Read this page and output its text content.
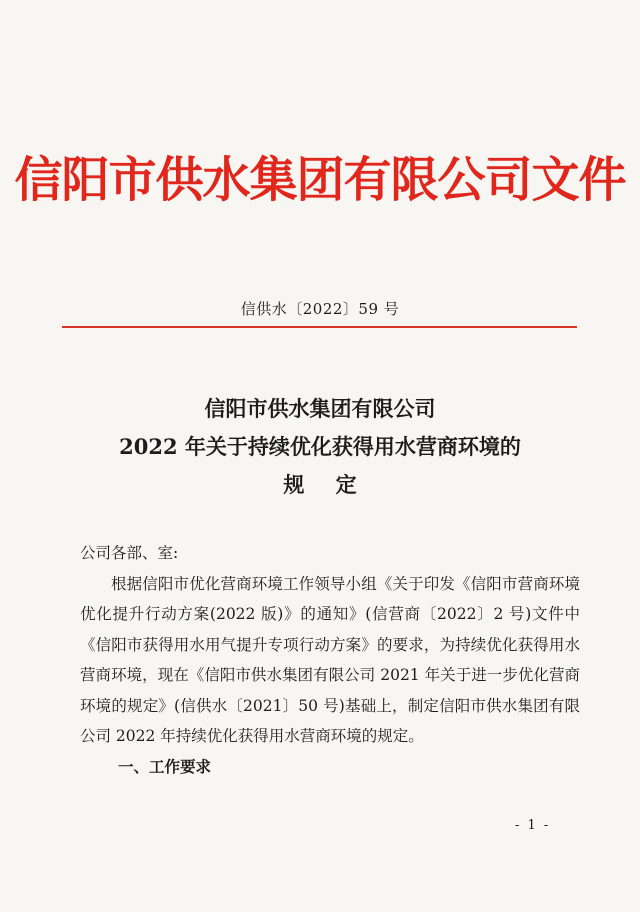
信阳市供水集团有限公司文件
信供水〔2022〕59 号
信阳市供水集团有限公司
2022 年关于持续优化获得用水营商环境的
规 定
公司各部、室:
根据信阳市优化营商环境工作领导小组《关于印发《信阳市营商环境优化提升行动方案(2022 版)》的通知》(信营商〔2022〕2 号)文件中《信阳市获得用水用气提升专项行动方案》的要求，为持续优化获得用水营商环境，现在《信阳市供水集团有限公司 2021 年关于进一步优化营商环境的规定》(信供水〔2021〕50 号)基础上，制定信阳市供水集团有限公司 2022 年持续优化获得用水营商环境的规定。
一、工作要求
- 1 -
